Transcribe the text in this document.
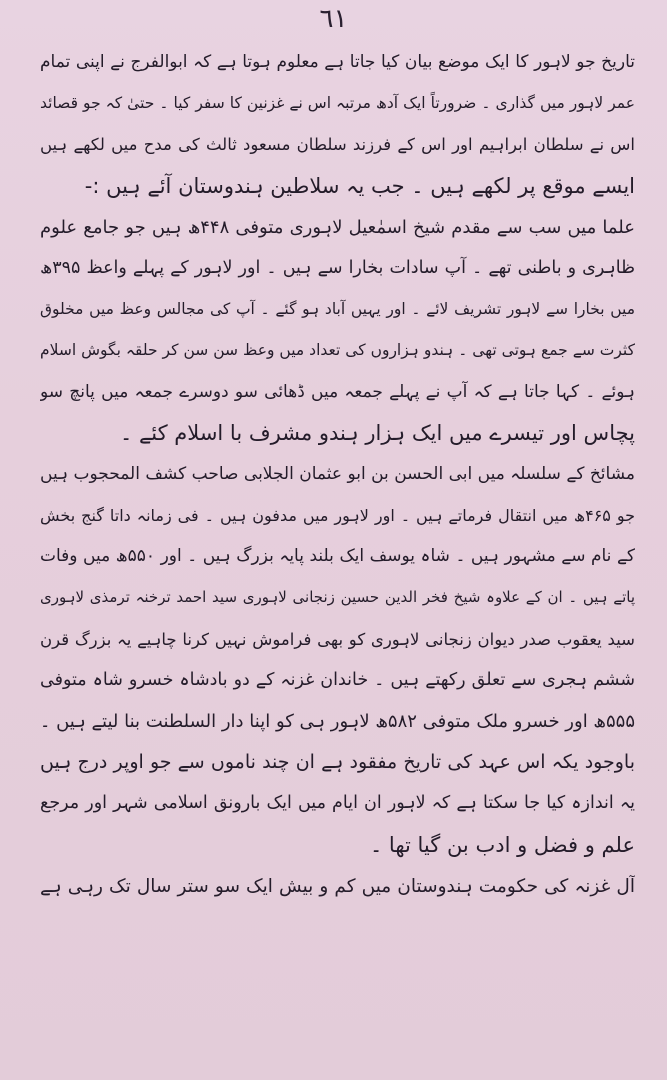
٦١
تاریخ جو لاہور کا ایک موضع بیان کیا جاتا ہے معلوم ہوتا ہے کہ ابوالفرج نے اپنی تمام
عمر لاہور میں گذاری ۔ ضرورتاً ایک آدھ مرتبہ اس نے غزنین کا سفر کیا ۔ حتیٰ کہ جو قصائد
اس نے سلطان ابراہیم اور اس کے فرزند سلطان مسعود ثالث کی مدح میں لکھے ہیں
ایسے موقع پر لکھے ہیں ۔ جب یہ سلاطین ہندوستان آئے ہیں :-
علما میں سب سے مقدم شیخ اسمٰعیل لاہوری متوفی ۴۴۸ھ ہیں جو جامع علوم
ظاہری و باطنی تھے ۔ آپ سادات بخارا سے ہیں ۔ اور لاہور کے پہلے واعظ ۳۹۵ھ
میں بخارا سے لاہور تشریف لائے ۔ اور یہیں آباد ہو گئے ۔ آپ کی مجالس وعظ میں مخلوق
کثرت سے جمع ہوتی تھی ۔ ہندو ہزاروں کی تعداد میں وعظ سن سن کر حلقہ بگوش اسلام
ہوئے ۔ کہا جاتا ہے کہ آپ نے پہلے جمعہ میں ڈھائی سو دوسرے جمعہ میں پانچ سو
پچاس اور تیسرے میں ایک ہزار ہندو مشرف با اسلام کئے ۔
مشائخ کے سلسلہ میں ابی الحسن بن ابو عثمان الجلابی صاحب کشف المحجوب ہیں
جو ۴۶۵ھ میں انتقال فرماتے ہیں ۔ اور لاہور میں مدفون ہیں ۔ فی زمانہ داتا گنج بخش
کے نام سے مشہور ہیں ۔ شاہ یوسف ایک بلند پایہ بزرگ ہیں ۔ اور ۵۵۰ھ میں وفات
پاتے ہیں ۔ ان کے علاوہ شیخ فخر الدین حسین زنجانی لاہوری سید احمد ترخنہ ترمذی لاہوری
سید یعقوب صدر دیوان زنجانی لاہوری کو بھی فراموش نہیں کرنا چاہیے یہ بزرگ قرن
ششم ہجری سے تعلق رکھتے ہیں ۔ خاندان غزنہ کے دو بادشاہ خسرو شاہ متوفی
۵۵۵ھ اور خسرو ملک متوفی ۵۸۲ھ لاہور ہی کو اپنا دار السلطنت بنا لیتے ہیں ۔
باوجود یکہ اس عہد کی تاریخ مفقود ہے ان چند ناموں سے جو اوپر درج ہیں
یہ اندازہ کیا جا سکتا ہے کہ لاہور ان ایام میں ایک بارونق اسلامی شہر اور مرجع
علم و فضل و ادب بن گیا تھا ۔
آل غزنہ کی حکومت ہندوستان میں کم و بیش ایک سو ستر سال تک رہی ہے
